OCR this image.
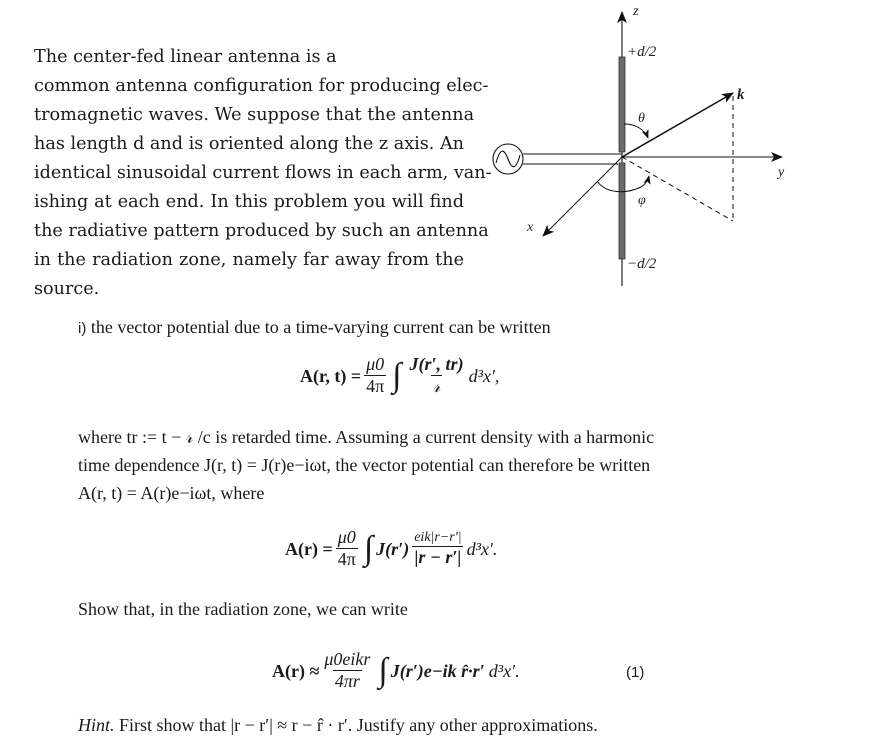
The center-fed linear antenna is a
common antenna configuration for producing elec-
tromagnetic waves. We suppose that the antenna
has length d and is oriented along the z axis. An
identical sinusoidal current flows in each arm, van-
ishing at each end. In this problem you will find
the radiative pattern produced by such an antenna
in the radiation zone, namely far away from the
source.
z
+d/2
−d/2
k
y
x
θ
φ
i) the vector potential due to a time-varying current can be written
A(r, $t) = \frac{\mu 0}{4\pi}$ ∫ $\frac{J(r', tr)}{\text{𝓇}} d^3x'$,
where tr := t − 𝓇 /c is retarded time. Assuming a current density with a harmonic
time dependence J(r, t) = J(r)e−iωt, the vector potential can therefore be written
A(r, t) = A(r)e−iωt, where
$A(r) = \frac{\mu 0}{4\pi}$ ∫ $J(r') \frac{\text{eik|r−r′|}}{|r - r'|} d^3x'$.
Show that, in the radiation zone, we can write
$A(r) \approx \frac{\text{μ0eikr}}{4\pi r}$ ∫ J(r′)e−ik r̂·r′ d³x′.	(1)
Hint. First show that |r − r′| ≈ r − r̂ · r′. Justify any other approximations.
